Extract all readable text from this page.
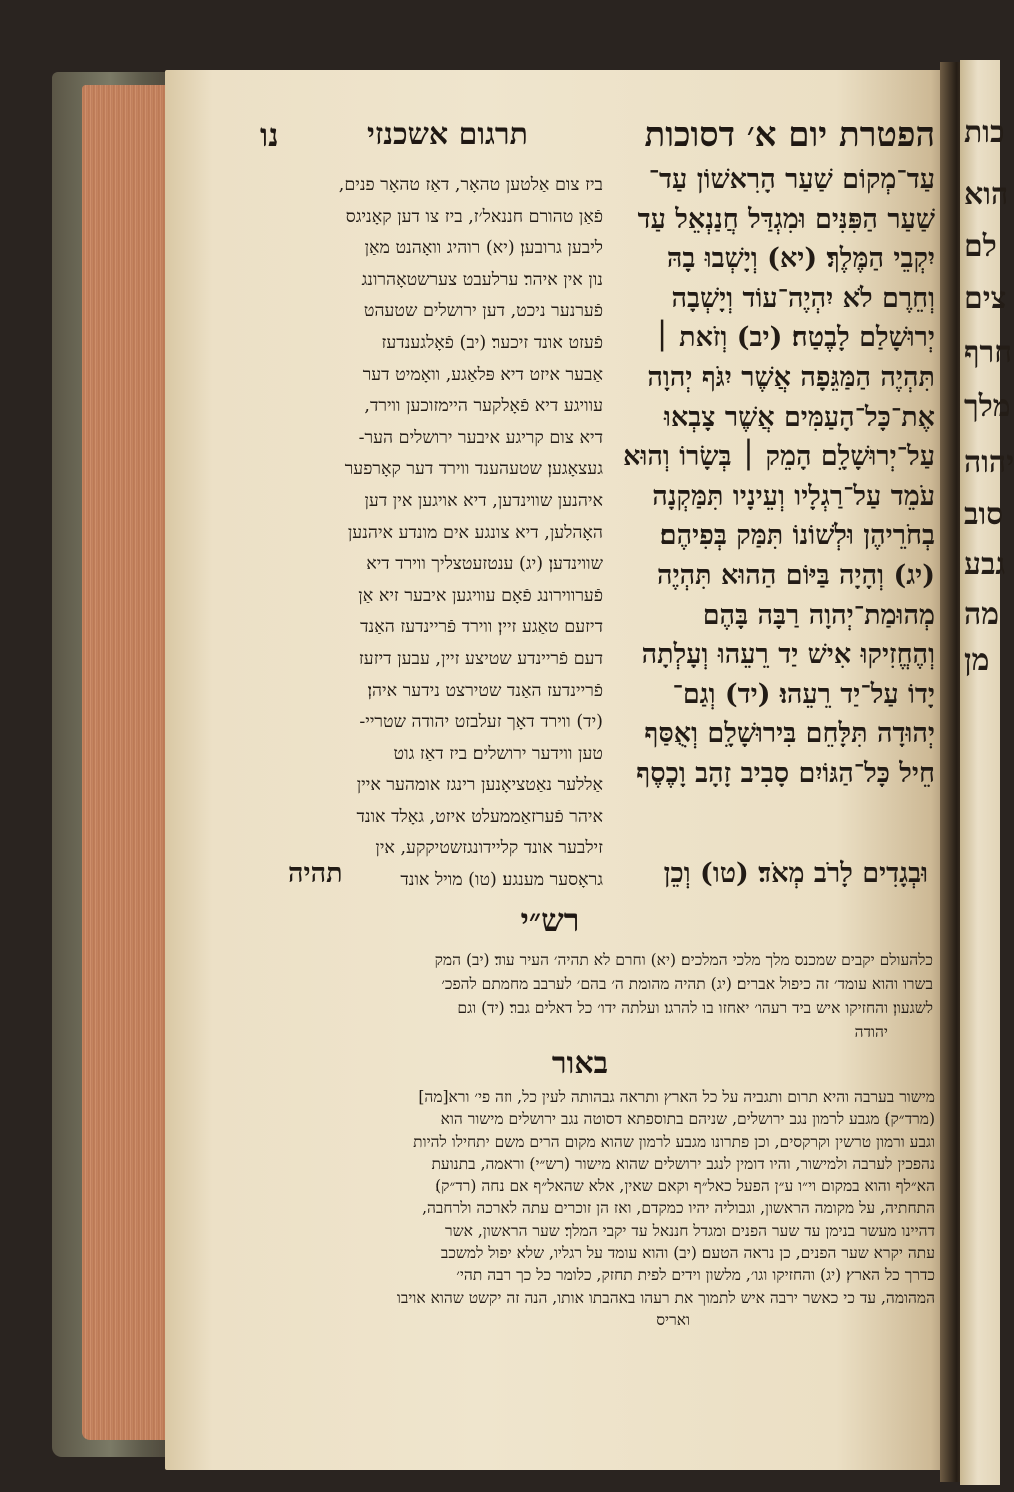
כות
הוא
לם
צים
חרף
מלך
יהוה
סוב
גבע
מה
מן
הפטרת יום א׳ דסוכות
תרגום אשכנזי
נו
עַד־מְקוֹם שַׁעַר הָרִאשׁוֹן עַד־
שַׁעַר הַפִּנִּים וּמִגְדַּל חֲנַנְאֵל עַד
יִקְבֵי הַמֶּלֶךְ׃ (יא) וְיָשְׁבוּ בָהּ
וְחֵרֶם לֹא יִהְיֶה־עוֹד וְיָשְׁבָה
יְרוּשָׁלַם לָבֶטַח׃ (יב) וְזֹאת ׀
תִּהְיֶה הַמַּגֵּפָה אֲשֶׁר יִגֹּף יְהוָה
אֶת־כָּל־הָעַמִּים אֲשֶׁר צָבְאוּ
עַל־יְרוּשָׁלִָם הָמֵק ׀ בְּשָׂרוֹ וְהוּא
עֹמֵד עַל־רַגְלָיו וְעֵינָיו תִּמַּקְנָה
בְחֹרֵיהֶן וּלְשׁוֹנוֹ תִּמַּק בְּפִיהֶם׃
(יג) וְהָיָה בַּיּוֹם הַהוּא תִּהְיֶה
מְהוּמַת־יְהוָה רַבָּה בָּהֶם
וְהֶחֱזִיקוּ אִישׁ יַד רֵעֵהוּ וְעָלְתָה
יָדוֹ עַל־יַד רֵעֵהוּ׃ (יד) וְגַם־
יְהוּדָה תִּלָּחֵם בִּירוּשָׁלִָם וְאֻסַּף
חֵיל כָּל־הַגּוֹיִם סָבִיב זָהָב וָכֶסֶף
ביז צום אַלטען טהאָר, דאַז טהאָר פנים,
פֿאַן טהורם חננאל׳ז, ביז צו דען קאָניגס
ליבען גרובען׃ (יא) רוהיג וואָהנט מאַן
נון אין איהר׃ ערלעבט צערשטאָהרונג
פֿערנער ניכט, דען ירושלים שטעהט
פֿעזט אונד זיכער׃ (יב) פֿאָלגענדעז
אַבער איזט דיא פּלאַגע, וואָמיט דער
עוויגע דיא פֿאָלקער היימזוכען ווירד,
דיא צום קריגע איבער ירושלים הער-
געצאָגען׃ שטעהענד ווירד דער קאָרפער
איהנען שווינדען, דיא אויגען אין דען
האָהלען, דיא צונגע אים מונדע איהנען
שווינדען׃ (יג) ענטזעטצליך ווירד דיא
פֿערווירונג פֿאָם עוויגען איבער זיא אַן
דיזעם טאַגע זיין׃ ווירד פֿריינדעז האַנד
דעם פֿריינדע שטיצע זיין, עבען דיזעז
פֿריינדעז האַנד שטירצט נידער איהן׃
(יד) ווירד דאָך זעלבזט יהודה שטריי-
טען ווידער ירושלים׃ ביז דאַז גוט
אַללער נאַטציאָנען רינגז אומהער איין
איהר פֿערזאַממעלט איזט, גאָלד אונד
זילבער אונד קליידונגזשטיקקע, אין
גראָסער מענגע׃ (טו) מויל אונד וּבְגָדִים לָרֹב מְאֹד׃ (טו) וְכֵן
תהיה
רש״י
כלהעולם יקבים שמכנס מלך מלכי המלכים׃ (יא) וחרם לא תהיה׳ העיר עוד׃ (יב) המק
בשרו והוא עומד׳ זה כיפול אברים׃ (יג) תהיה מהומת ה׳ בהם׳ לערבב מחמתם להפכ׳
לשגעון׃ והחזיקו איש ביד רעהו׳ יאחזו בו להרגו׃ ועלתה ידו׳ כל דאלים גבר׃ (יד) וגם
יהודה
באור
מישור בערבה והיא תרום ותגביה על כל הארץ ותראה גבהותה לעין כל, וזה פי׳ ורא[מה]
(מרד״ק)׃ מגבע לרמון נגב ירושלים, שניהם בתוספתא דסוטה נגב ירושלים מישור הוא
וגבע ורמון טרשין וקרקסים, וכן פתרונו מגבע לרמון שהוא מקום הרים משם יתחילו להיות
נהפכין לערבה ולמישור, והיו דומין לנגב ירושלים שהוא מישור (רש״י)׃ וראמה, בתנועת
הא״לף והוא במקום וי״ו ע״ן הפעל כאל״ף וקאם שאין, אלא שהאל״ף אם נחה (רד״ק)׃
התחתיה, על מקומה הראשון, וגבוליה יהיו כמקדם, ואז הן זוכרים עתה לארכה ולרחבה,
דהיינו מעשר בנימן עד שער הפנים ומגדל חננאל עד יקבי המלך׃ שער הראשון, אשר
עתה יקרא שער הפנים, כן נראה הטעם׃ (יב) והוא עומד על רגליו, שלא יפול למשכב
כדרך כל הארץ׃ (יג) והחזיקו וגו׳, מלשון וידים לפית תחזק, כלומר כל כך רבה תהי׳
המהומה, עד כי כאשר ירבה איש לתמוך את רעהו באהבתו אותו, הנה זה יקשט שהוא אויבו
ואריס
